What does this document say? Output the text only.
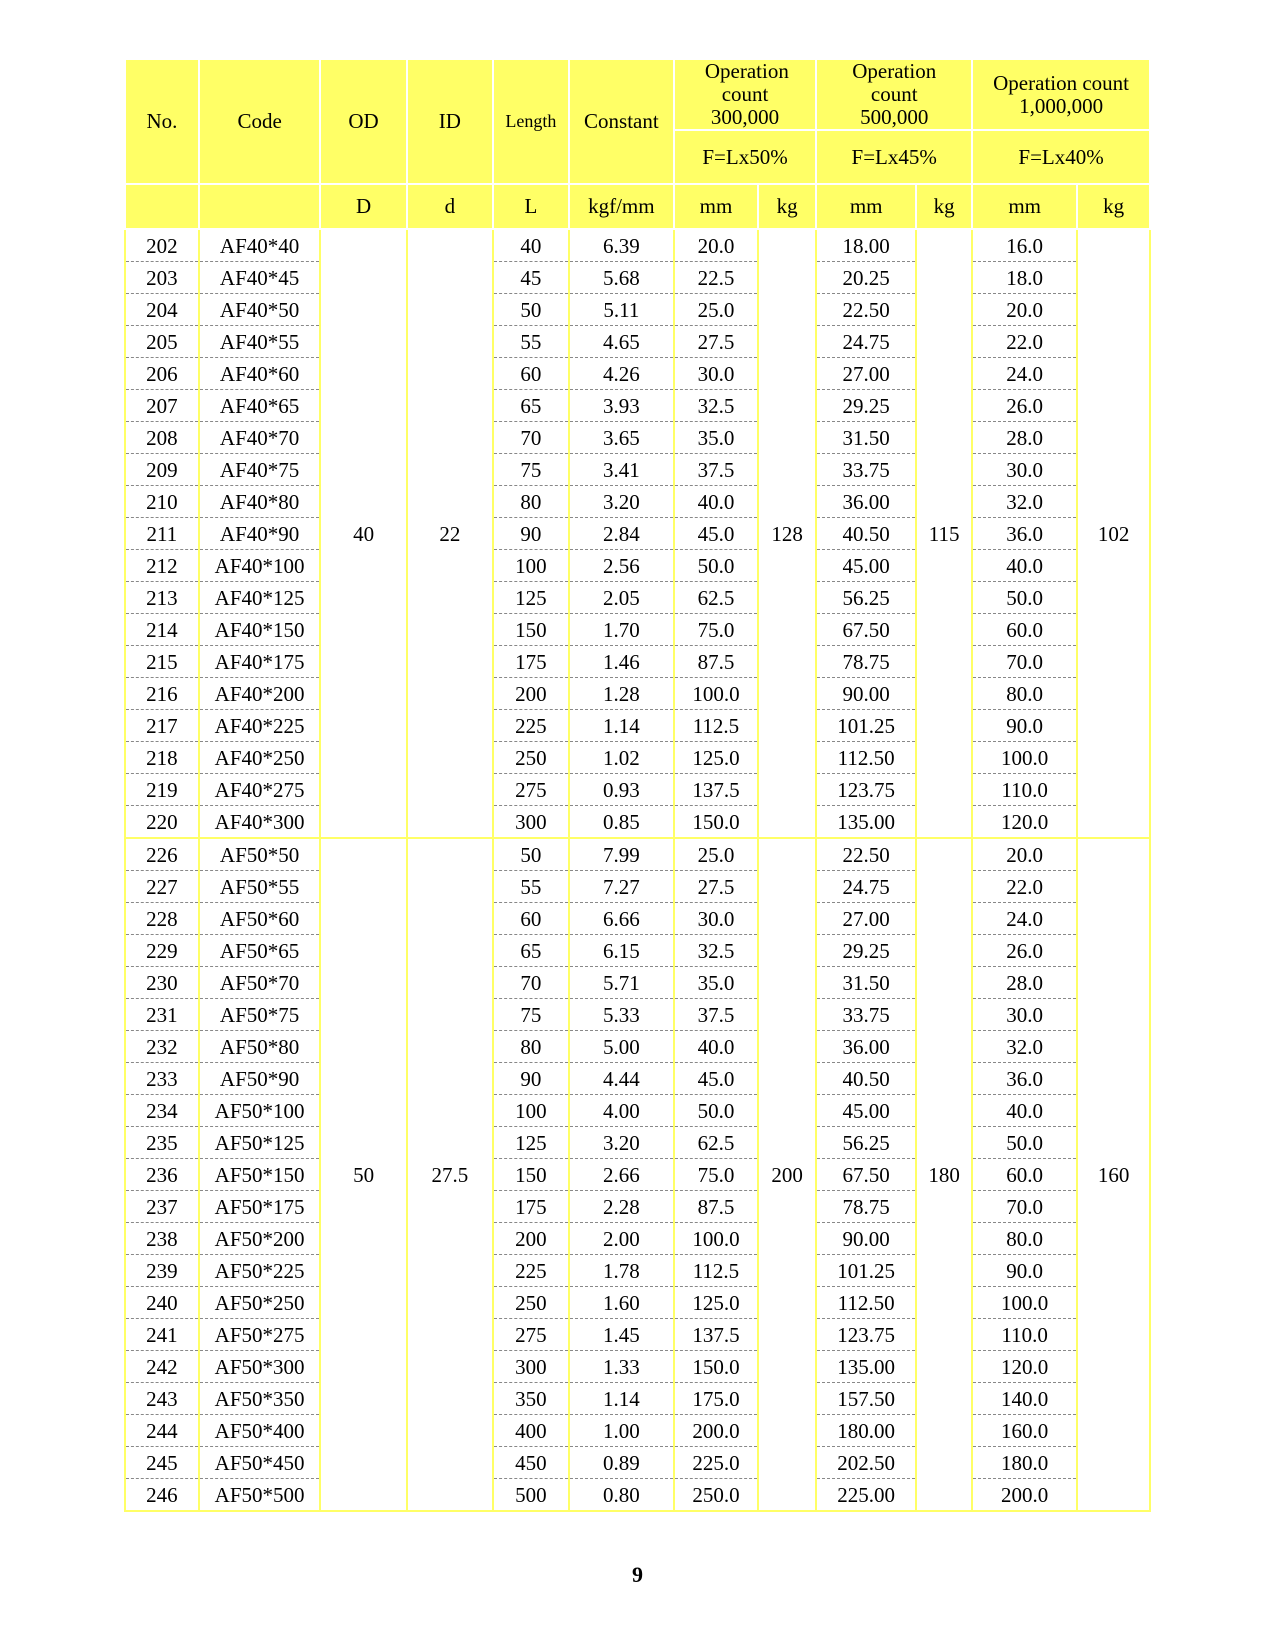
No.	Code	OD	ID	Length	Constant	Operation count 300,000		Operation count 500,000		Operation count 1,000,000	
						F=Lx50%		F=Lx45%		F=Lx40%	
		D	d	L	kgf/mm	mm	kg	mm	kg	mm	kg
202	AF40*40	40	22	40	6.39	20.0	128	18.00	115	16.0	102
203	AF40*45			45	5.68	22.5		20.25		18.0	
204	AF40*50			50	5.11	25.0		22.50		20.0	
205	AF40*55			55	4.65	27.5		24.75		22.0	
206	AF40*60			60	4.26	30.0		27.00		24.0	
207	AF40*65			65	3.93	32.5		29.25		26.0	
208	AF40*70			70	3.65	35.0		31.50		28.0	
209	AF40*75			75	3.41	37.5		33.75		30.0	
210	AF40*80			80	3.20	40.0		36.00		32.0	
211	AF40*90			90	2.84	45.0		40.50		36.0	
212	AF40*100			100	2.56	50.0		45.00		40.0	
213	AF40*125			125	2.05	62.5		56.25		50.0	
214	AF40*150			150	1.70	75.0		67.50		60.0	
215	AF40*175			175	1.46	87.5		78.75		70.0	
216	AF40*200			200	1.28	100.0		90.00		80.0	
217	AF40*225			225	1.14	112.5		101.25		90.0	
218	AF40*250			250	1.02	125.0		112.50		100.0	
219	AF40*275			275	0.93	137.5		123.75		110.0	
220	AF40*300			300	0.85	150.0		135.00		120.0	
226	AF50*50	50	27.5	50	7.99	25.0	200	22.50	180	20.0	160
227	AF50*55			55	7.27	27.5		24.75		22.0	
228	AF50*60			60	6.66	30.0		27.00		24.0	
229	AF50*65			65	6.15	32.5		29.25		26.0	
230	AF50*70			70	5.71	35.0		31.50		28.0	
231	AF50*75			75	5.33	37.5		33.75		30.0	
232	AF50*80			80	5.00	40.0		36.00		32.0	
233	AF50*90			90	4.44	45.0		40.50		36.0	
234	AF50*100			100	4.00	50.0		45.00		40.0	
235	AF50*125			125	3.20	62.5		56.25		50.0	
236	AF50*150			150	2.66	75.0		67.50		60.0	
237	AF50*175			175	2.28	87.5		78.75		70.0	
238	AF50*200			200	2.00	100.0		90.00		80.0	
239	AF50*225			225	1.78	112.5		101.25		90.0	
240	AF50*250			250	1.60	125.0		112.50		100.0	
241	AF50*275			275	1.45	137.5		123.75		110.0	
242	AF50*300			300	1.33	150.0		135.00		120.0	
243	AF50*350			350	1.14	175.0		157.50		140.0	
244	AF50*400			400	1.00	200.0		180.00		160.0	
245	AF50*450			450	0.89	225.0		202.50		180.0	
246	AF50*500			500	0.80	250.0		225.00		200.0	
9
